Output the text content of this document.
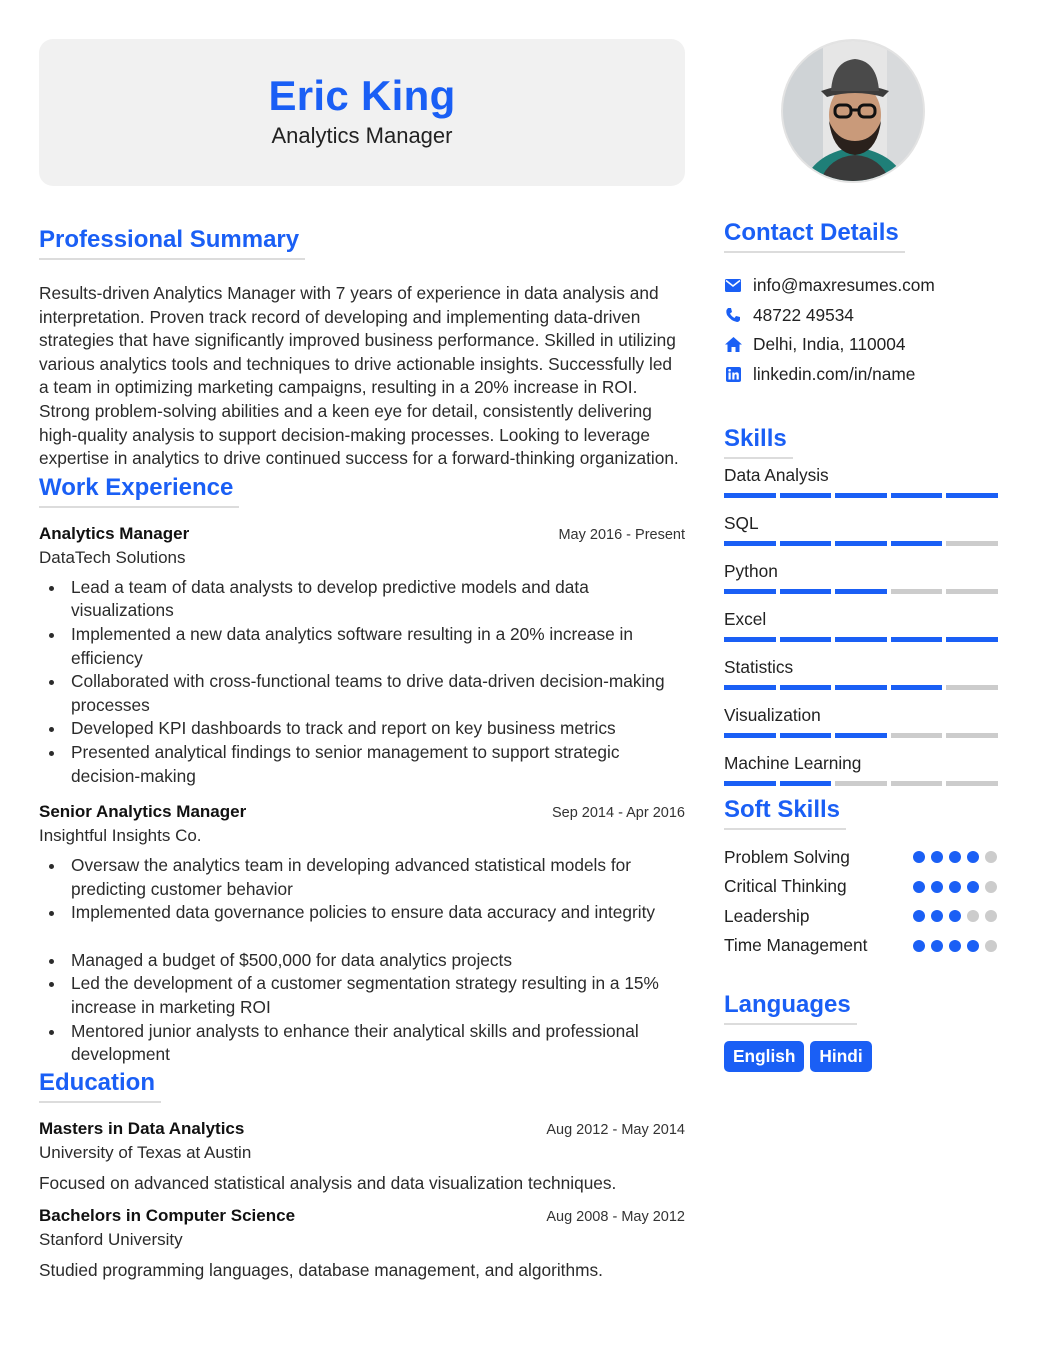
Eric King
Analytics Manager
Professional Summary

Results-driven Analytics Manager with 7 years of experience in data analysis and interpretation. Proven track record of developing and implementing data-driven strategies that have significantly improved business performance. Skilled in utilizing various analytics tools and techniques to drive actionable insights. Successfully led a team in optimizing marketing campaigns, resulting in a 20% increase in ROI. Strong problem-solving abilities and a keen eye for detail, consistently delivering high-quality analysis to support decision-making processes. Looking to leverage expertise in analytics to drive continued success for a forward-thinking organization.

Work Experience
Analytics Manager	May 2016 - Present
DataTech Solutions
Lead a team of data analysts to develop predictive models and data visualizations
Implemented a new data analytics software resulting in a 20% increase in efficiency
Collaborated with cross-functional teams to drive data-driven decision-making processes
Developed KPI dashboards to track and report on key business metrics
Presented analytical findings to senior management to support strategic decision-making
Senior Analytics Manager	Sep 2014 - Apr 2016
Insightful Insights Co.
Oversaw the analytics team in developing advanced statistical models for predicting customer behavior
Implemented data governance policies to ensure data accuracy and integrity
Managed a budget of $500,000 for data analytics projects
Led the development of a customer segmentation strategy resulting in a 15% increase in marketing ROI
Mentored junior analysts to enhance their analytical skills and professional development
Education
Masters in Data Analytics	Aug 2012 - May 2014
University of Texas at Austin
Focused on advanced statistical analysis and data visualization techniques.
Bachelors in Computer Science	Aug 2008 - May 2012
Stanford University
Studied programming languages, database management, and algorithms.
Contact Details
info@maxresumes.com
48722 49534
Delhi, India, 110004
linkedin.com/in/name
Skills
Data Analysis
SQL
Python
Excel
Statistics
Visualization
Machine Learning
Soft Skills
Problem Solving
Critical Thinking
Leadership
Time Management
Languages
English	Hindi
